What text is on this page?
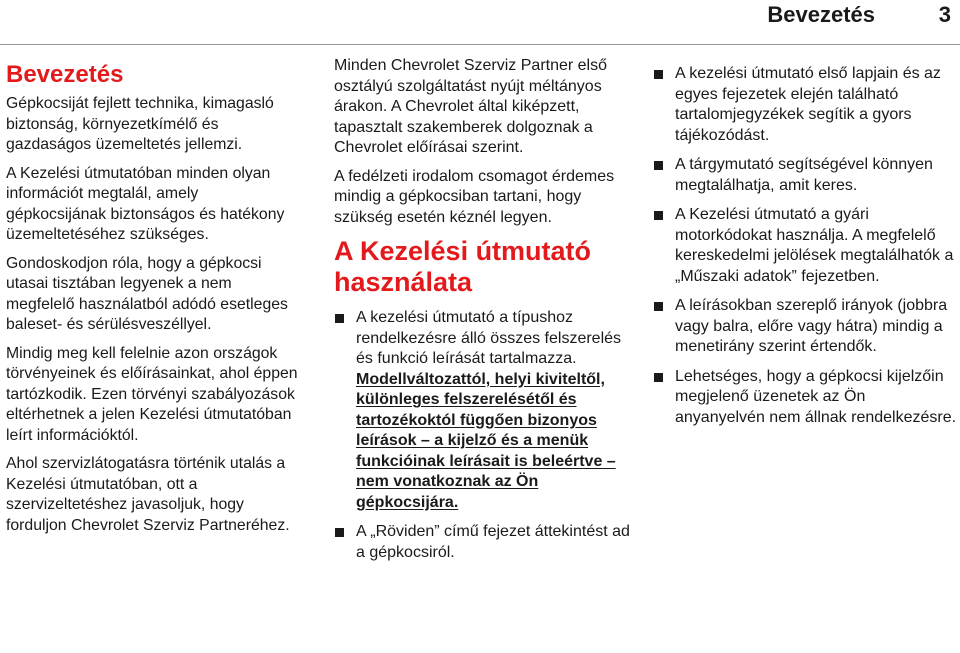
Bevezetés	3
Bevezetés

Gépkocsiját fejlett technika, kimagasló biztonság, környezetkímélő és gazdaságos üzemeltetés jellemzi.

A Kezelési útmutatóban minden olyan információt megtalál, amely gépkocsijának biztonságos és hatékony üzemeltetéséhez szükséges.

Gondoskodjon róla, hogy a gépkocsi utasai tisztában legyenek a nem megfelelő használatból adódó esetleges baleset- és sérülésveszéllyel.

Mindig meg kell felelnie azon országok törvényeinek és előírásainkat, ahol éppen tartózkodik. Ezen törvényi szabályozások eltérhetnek a jelen Kezelési útmutatóban leírt információktól.

Ahol szervizlátogatásra történik utalás a Kezelési útmutatóban, ott a szervizeltetéshez javasoljuk, hogy forduljon Chevrolet Szerviz Partneréhez.

Minden Chevrolet Szerviz Partner első osztályú szolgáltatást nyújt méltányos árakon. A Chevrolet által kiképzett, tapasztalt szakemberek dolgoznak a Chevrolet előírásai szerint.

A fedélzeti irodalom csomagot érdemes mindig a gépkocsiban tartani, hogy szükség esetén kéznél legyen.

A Kezelési útmutató használata
A kezelési útmutató a típushoz rendelkezésre álló összes felszerelés és funkció leírását tartalmazza. Modellváltozattól, helyi kiviteltől, különleges felszerelésétől és tartozékoktól függően bizonyos leírások – a kijelző és a menük funkcióinak leírásait is beleértve – nem vonatkoznak az Ön gépkocsijára.
A „Röviden” című fejezet áttekintést ad a gépkocsiról.
A kezelési útmutató első lapjain és az egyes fejezetek elején található tartalomjegyzékek segítik a gyors tájékozódást.
A tárgymutató segítségével könnyen megtalálhatja, amit keres.
A Kezelési útmutató a gyári motorkódokat használja. A megfelelő kereskedelmi jelölések megtalálhatók a „Műszaki adatok” fejezetben.
A leírásokban szereplő irányok (jobbra vagy balra, előre vagy hátra) mindig a menetirány szerint értendők.
Lehetséges, hogy a gépkocsi kijelzőin megjelenő üzenetek az Ön anyanyelvén nem állnak rendelkezésre.
